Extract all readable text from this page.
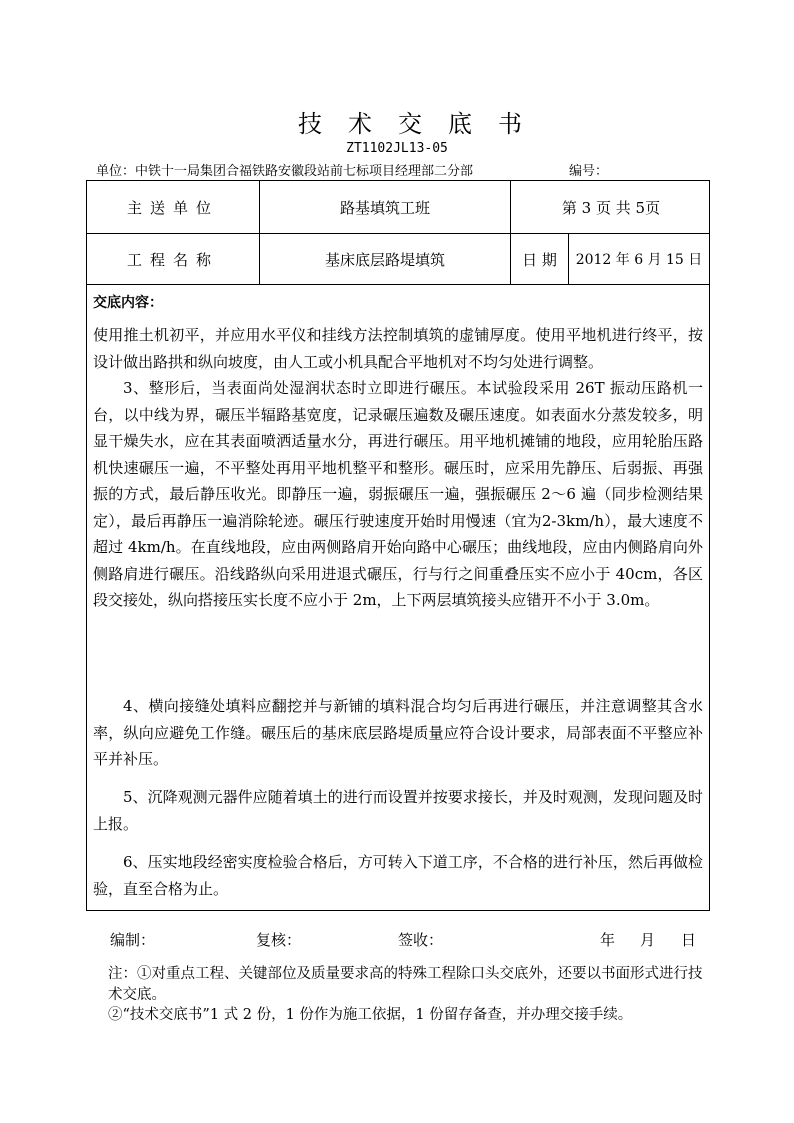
技术交底书
ZT1102JL13-05
单位：中铁十一局集团合福铁路安徽段站前七标项目经理部二分部	编号：
主送单位	路基填筑工班	第 3 页 共 5页
工程名称	基床底层路堤填筑	日 期	2012 年 6 月 15 日
交底内容：
使用推土机初平，并应用水平仪和挂线方法控制填筑的虚铺厚度。使用平地机进行终平，按设计做出路拱和纵向坡度，由人工或小机具配合平地机对不均匀处进行调整。
3、整形后，当表面尚处湿润状态时立即进行碾压。本试验段采用 26T 振动压路机一台，以中线为界，碾压半辐路基宽度，记录碾压遍数及碾压速度。如表面水分蒸发较多，明显干燥失水，应在其表面喷洒适量水分，再进行碾压。用平地机摊铺的地段，应用轮胎压路机快速碾压一遍，不平整处再用平地机整平和整形。碾压时，应采用先静压、后弱振、再强振的方式，最后静压收光。即静压一遍，弱振碾压一遍，强振碾压 2～6 遍（同步检测结果定），最后再静压一遍消除轮迹。碾压行驶速度开始时用慢速（宜为2-3km/h），最大速度不超过 4km/h。在直线地段，应由两侧路肩开始向路中心碾压；曲线地段，应由内侧路肩向外侧路肩进行碾压。沿线路纵向采用进退式碾压，行与行之间重叠压实不应小于 40cm，各区段交接处，纵向搭接压实长度不应小于 2m，上下两层填筑接头应错开不小于 3.0m。
4、横向接缝处填料应翻挖并与新铺的填料混合均匀后再进行碾压，并注意调整其含水率，纵向应避免工作缝。碾压后的基床底层路堤质量应符合设计要求，局部表面不平整应补平并补压。
5、沉降观测元器件应随着填土的进行而设置并按要求接长，并及时观测，发现问题及时上报。
6、压实地段经密实度检验合格后，方可转入下道工序，不合格的进行补压，然后再做检验，直至合格为止。
编制：	复核：	签收：	年 月 日
注：①对重点工程、关键部位及质量要求高的特殊工程除口头交底外，还要以书面形式进行技术交底。
②“技术交底书”1 式 2 份，1 份作为施工依据，1 份留存备查，并办理交接手续。
